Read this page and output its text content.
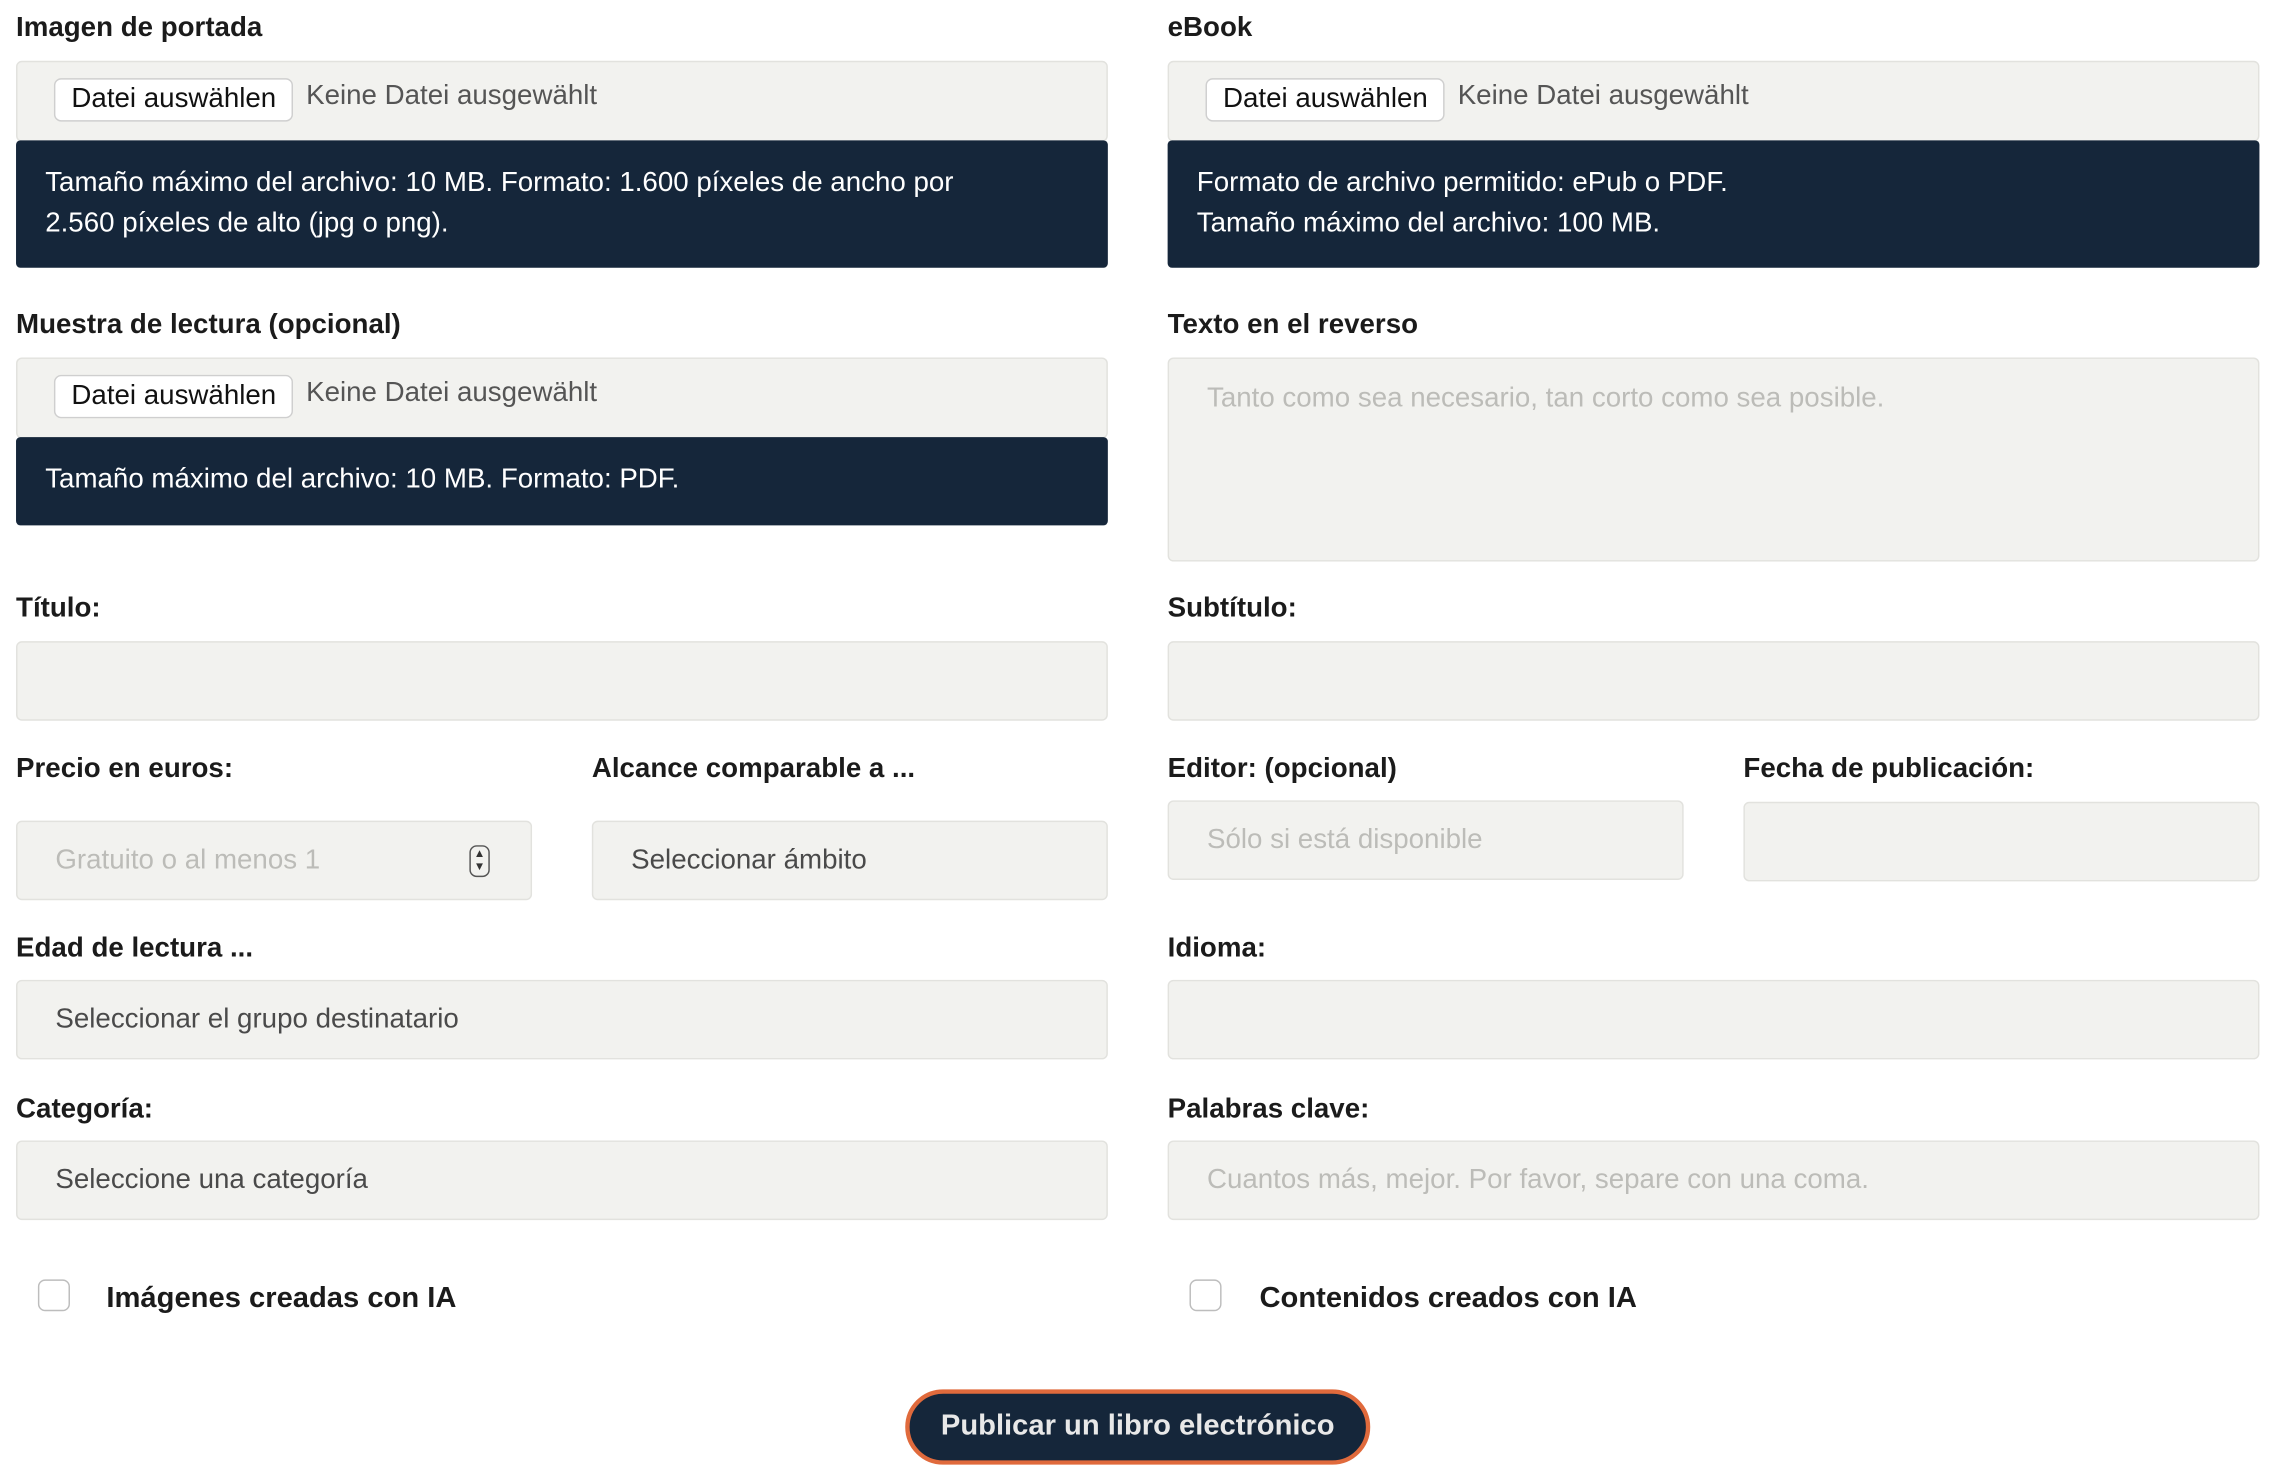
Imagen de portada
Datei auswählen	Keine Datei ausgewählt
Tamaño máximo del archivo: 10 MB. Formato: 1.600 píxeles de ancho por
2.560 píxeles de alto (jpg o png).
Muestra de lectura (opcional)
Datei auswählen	Keine Datei ausgewählt
Tamaño máximo del archivo: 10 MB. Formato: PDF.
Título:
Precio en euros:
Gratuito o al menos 1	▲
▼
Alcance comparable a ...
Seleccionar ámbito
Edad de lectura ...
Seleccionar el grupo destinatario
Categoría:
Seleccione una categoría
Imágenes creadas con IA
eBook
Datei auswählen	Keine Datei ausgewählt
Formato de archivo permitido: ePub o PDF.
Tamaño máximo del archivo: 100 MB.
Texto en el reverso
Tanto como sea necesario, tan corto como sea posible.
Subtítulo:
Editor: (opcional)
Sólo si está disponible
Fecha de publicación:
Idioma:
Palabras clave:
Cuantos más, mejor. Por favor, separe con una coma.
Contenidos creados con IA
Publicar un libro electrónico
